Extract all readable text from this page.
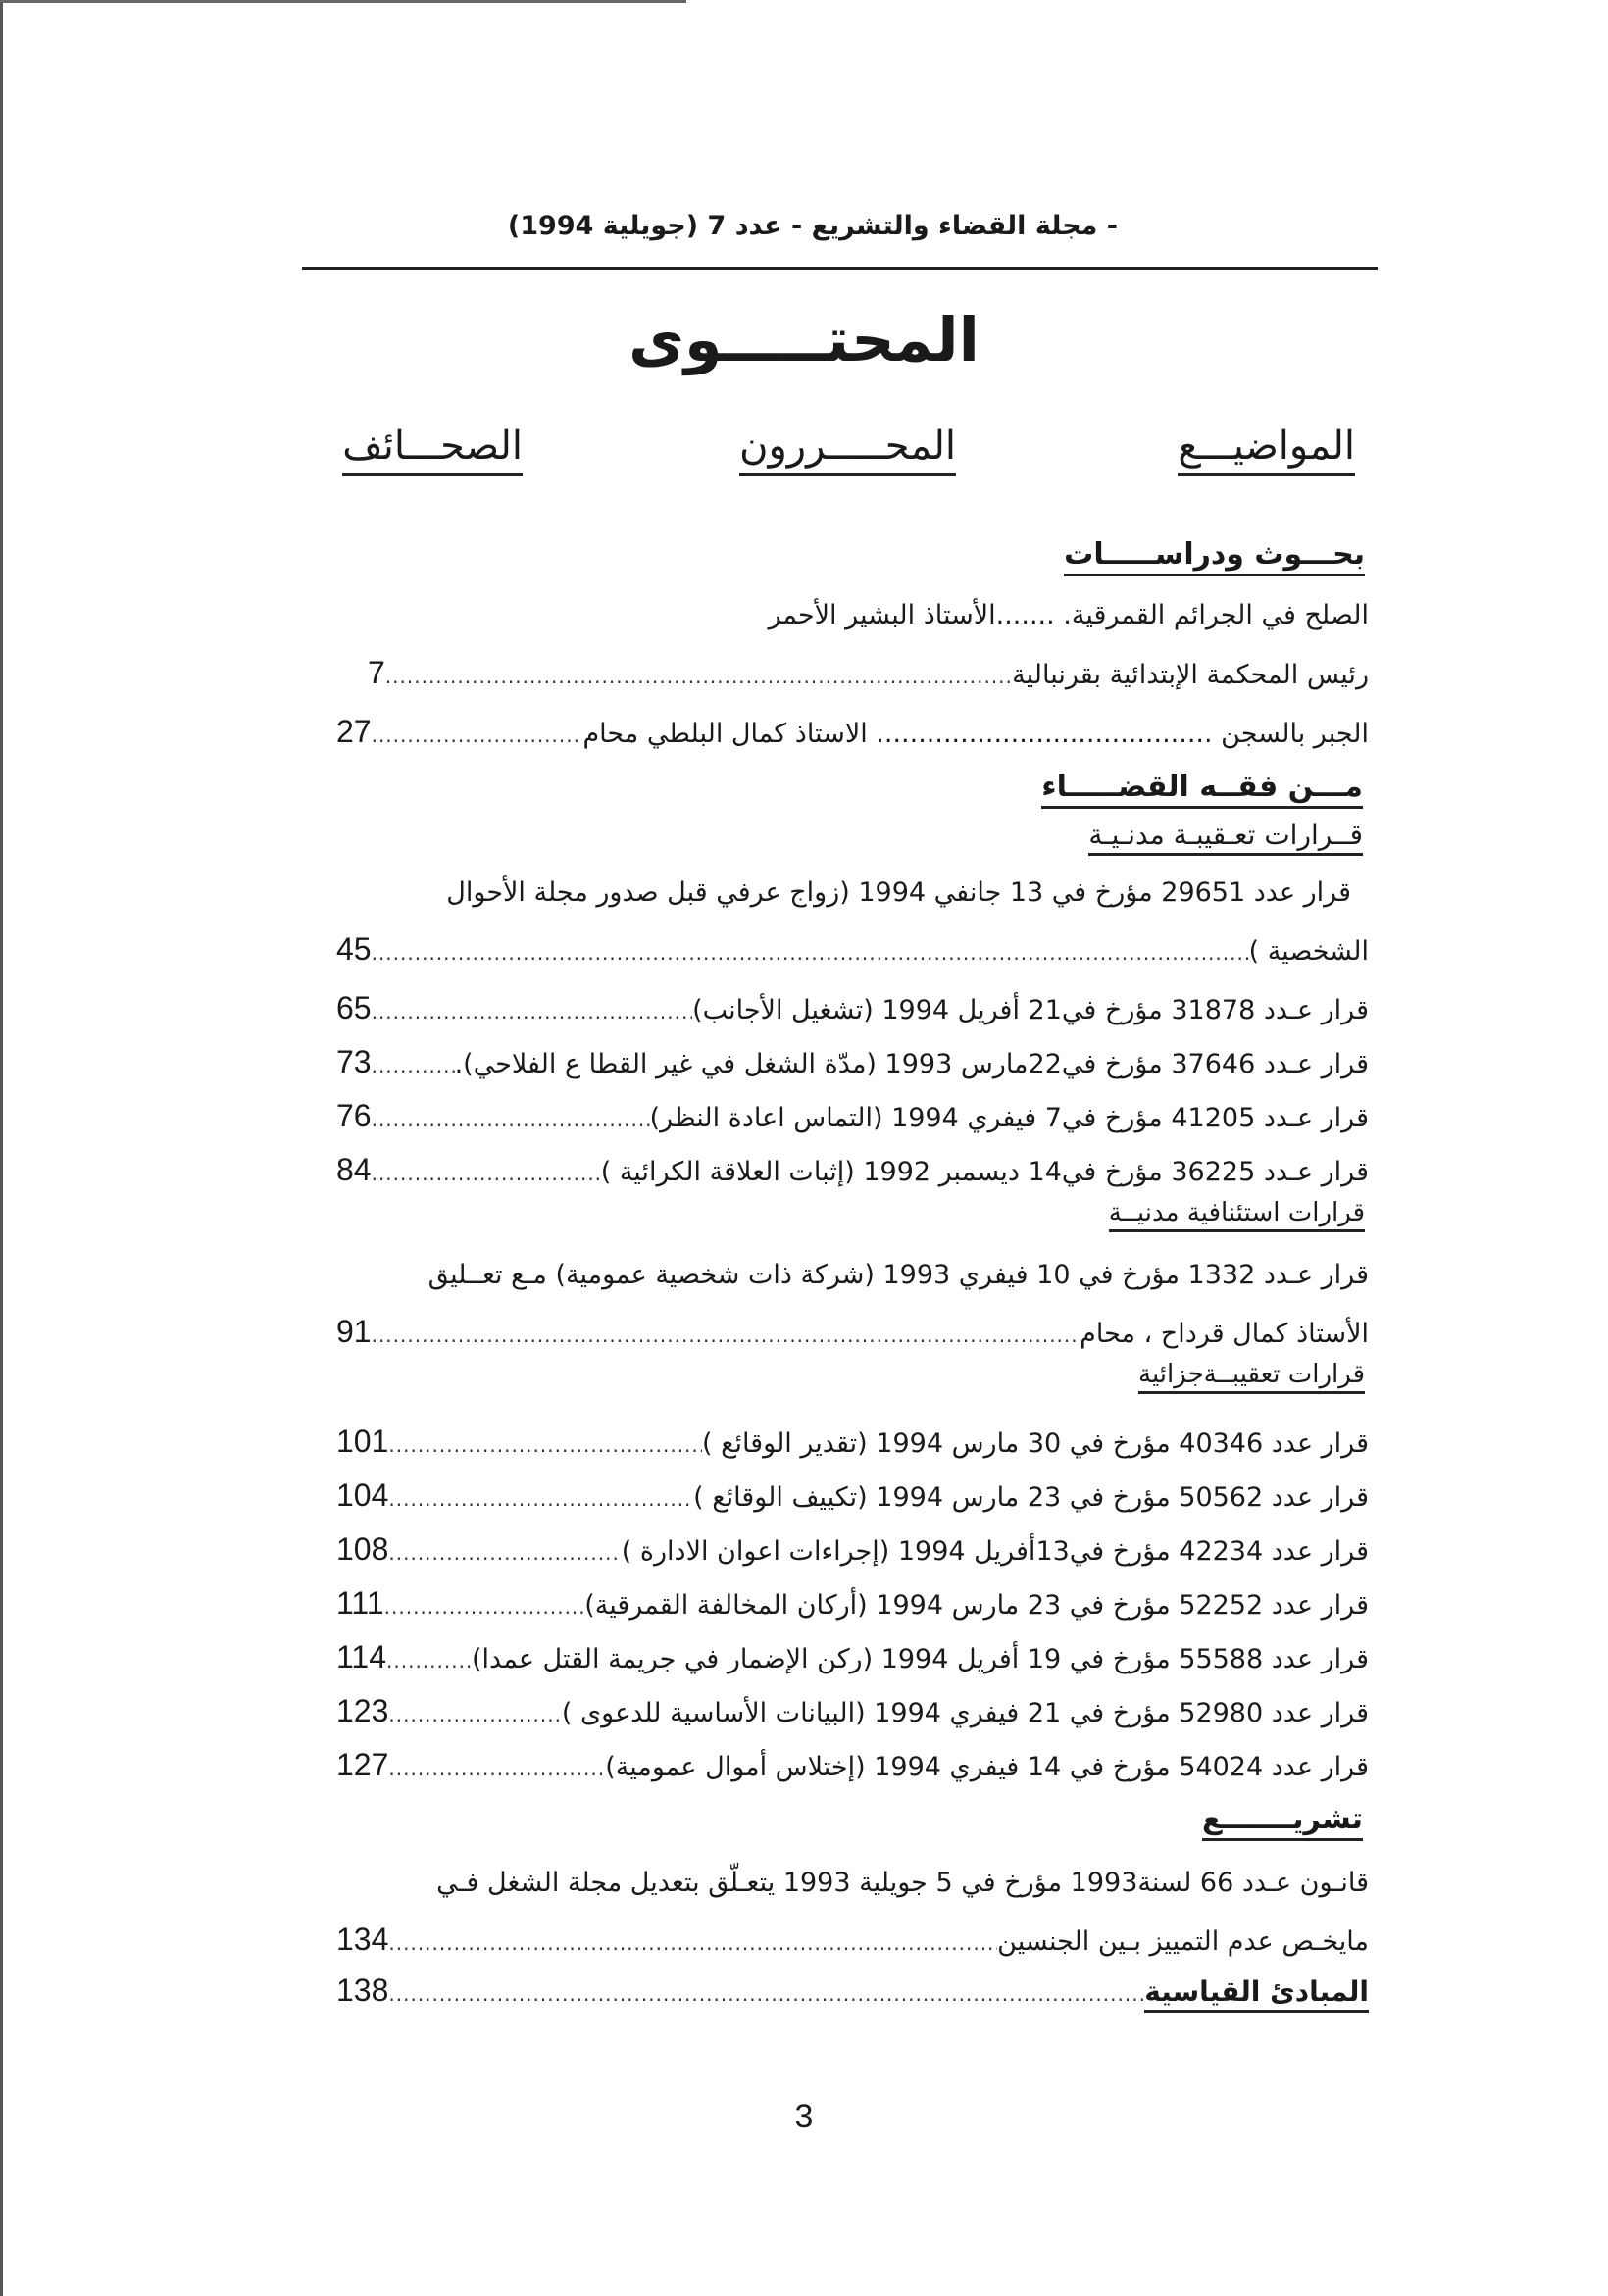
- مجلة القضاء والتشريع - عدد 7 (جويلية 1994)
المحتـــــوى
المواضيـــع
المحـــــررون
الصحـــائف
بحـــوث ودراســـــات
الصلح في الجرائم القمرقية. .......الأستاذ البشير الأحمر
رئيس المحكمة الإبتدائية بقرنبالية
.....
7
الجبر بالسجن ........................................ الاستاذ كمال البلطي محام
.....
27
مـــن فقــه القضـــــاء
قــرارات تعـقيبـة مدنـيـة
قرار عدد 29651 مؤرخ في 13 جانفي 1994 (زواج عرفي قبل صدور مجلة الأحوال
الشخصية )
.....
45
قرار عـدد 31878 مؤرخ في21 أفريل 1994 (تشغيل الأجانب)
.....
65
قرار عـدد 37646 مؤرخ في22مارس 1993 (مدّة الشغل في غير القطا ع الفلاحي).
.....
73
قرار عـدد 41205 مؤرخ في7 فيفري 1994 (التماس اعادة النظر)
.....
76
قرار عـدد 36225 مؤرخ في14 ديسمبر 1992 (إثبات العلاقة الكرائية )
.....
84
قرارات استئنافية مدنيــة
قرار عـدد 1332 مؤرخ في 10 فيفري 1993 (شركة ذات شخصية عمومية) مـع تعــليق
الأستاذ كمال قرداح ، محام
.....
91
قرارات تعقيبــةجزائية
قرار عدد 40346 مؤرخ في 30 مارس 1994 (تقدير الوقائع )
.....
101
قرار عدد 50562 مؤرخ في 23 مارس 1994 (تكييف الوقائع )
.....
104
قرار عدد 42234 مؤرخ في13أفريل 1994 (إجراءات اعوان الادارة )
.....
108
قرار عدد 52252 مؤرخ في 23 مارس 1994 (أركان المخالفة القمرقية)
.....
111
قرار عدد 55588 مؤرخ في 19 أفريل 1994 (ركن الإضمار في جريمة القتل عمدا)
.....
114
قرار عدد 52980 مؤرخ في 21 فيفري 1994 (البيانات الأساسية للدعوى )
.....
123
قرار عدد 54024 مؤرخ في 14 فيفري 1994 (إختلاس أموال عمومية)
.....
127
تشريـــــــع
قانـون عـدد 66 لسنة1993 مؤرخ في 5 جويلية 1993 يتعـلّق بتعديل مجلة الشغل فـي
مايخـص عدم التمييز بـين الجنسين
.....
134
المبادئ القياسية
.....
138
3
